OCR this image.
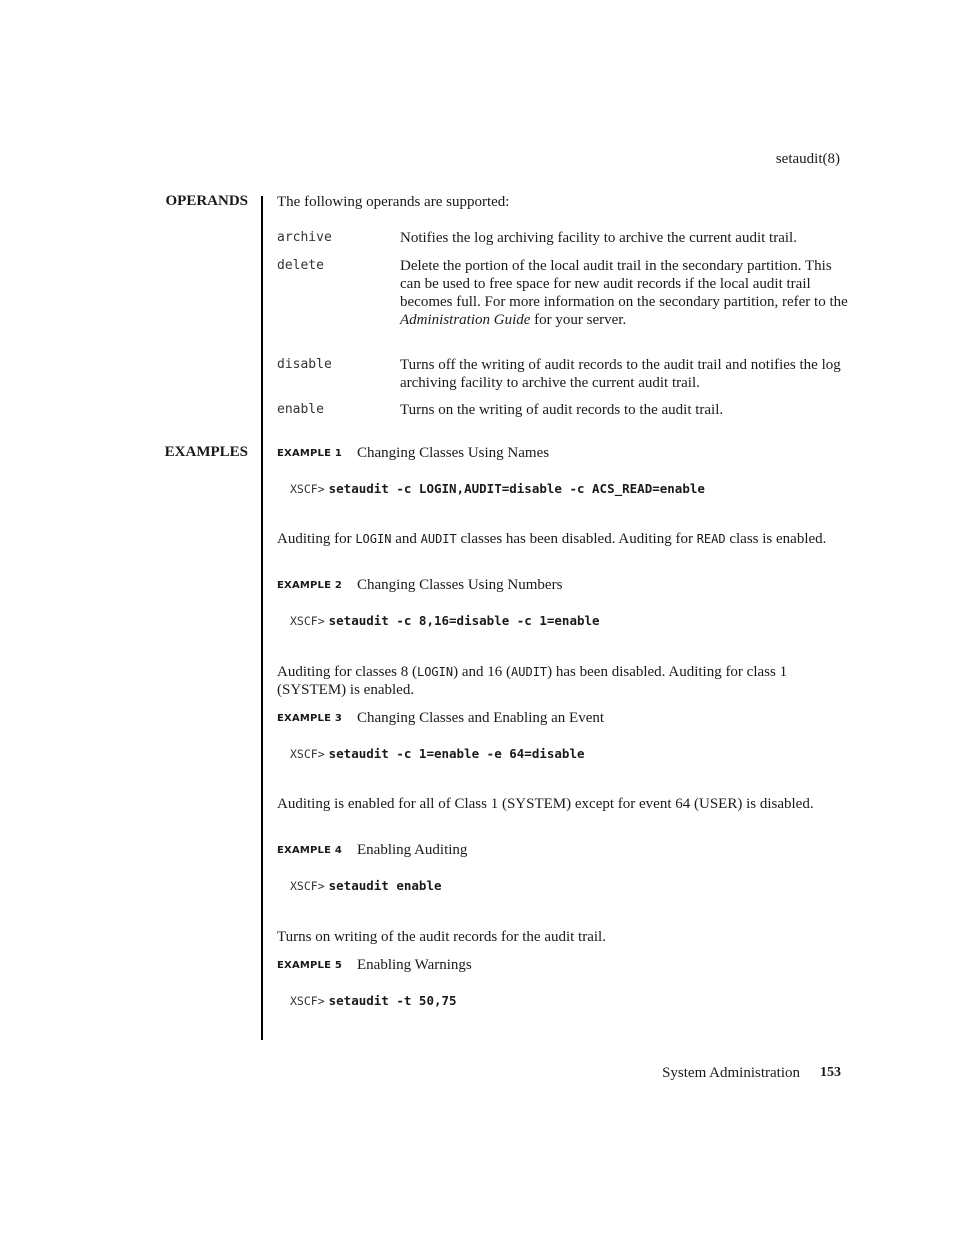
setaudit(8)
OPERANDS The following operands are supported:
archive	Notifies the log archiving facility to archive the current audit trail.
delete	Delete the portion of the local audit trail in the secondary partition. This can be used to free space for new audit records if the local audit trail becomes full. For more information on the secondary partition, refer to the Administration Guide for your server.
disable	Turns off the writing of audit records to the audit trail and notifies the log archiving facility to archive the current audit trail.
enable	Turns on the writing of audit records to the audit trail.
EXAMPLES	EXAMPLE 1 Changing Classes Using Names
XSCF> setaudit -c LOGIN,AUDIT=disable -c ACS_READ=enable
Auditing for LOGIN and AUDIT classes has been disabled. Auditing for READ class is enabled.
EXAMPLE 2 Changing Classes Using Numbers
XSCF> setaudit -c 8,16=disable -c 1=enable
Auditing for classes 8 (LOGIN) and 16 (AUDIT) has been disabled. Auditing for class 1 (SYSTEM) is enabled.
EXAMPLE 3 Changing Classes and Enabling an Event
XSCF> setaudit -c 1=enable -e 64=disable
Auditing is enabled for all of Class 1 (SYSTEM) except for event 64 (USER) is disabled.
EXAMPLE 4 Enabling Auditing
XSCF> setaudit enable
Turns on writing of the audit records for the audit trail.
EXAMPLE 5 Enabling Warnings
XSCF> setaudit -t 50,75
System Administration 153
